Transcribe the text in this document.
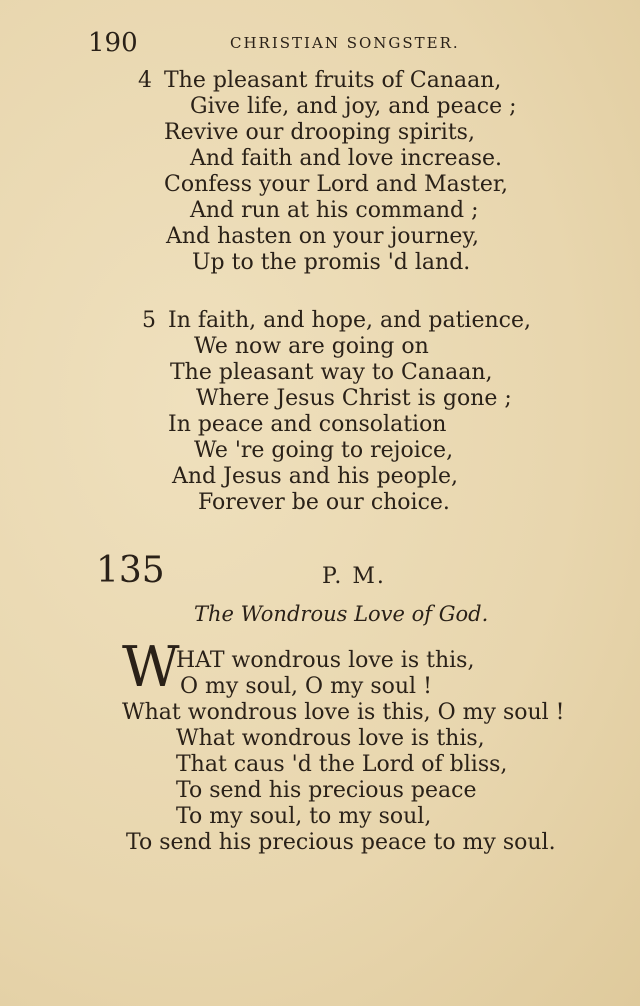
190	CHRISTIAN SONGSTER.
4 The pleasant fruits of Canaan,
Give life, and joy, and peace ;
Revive our drooping spirits,
And faith and love increase.
Confess your Lord and Master,
And run at his command ;
And hasten on your journey,
Up to the promis 'd land.
5 In faith, and hope, and patience,
We now are going on
The pleasant way to Canaan,
Where Jesus Christ is gone ;
In peace and consolation
We 're going to rejoice,
And Jesus and his people,
Forever be our choice.
135	P. M.
The Wondrous Love of God.
W
HAT wondrous love is this,
O my soul, O my soul !
What wondrous love is this, O my soul !
What wondrous love is this,
That caus 'd the Lord of bliss,
To send his precious peace
To my soul, to my soul,
To send his precious peace to my soul.
